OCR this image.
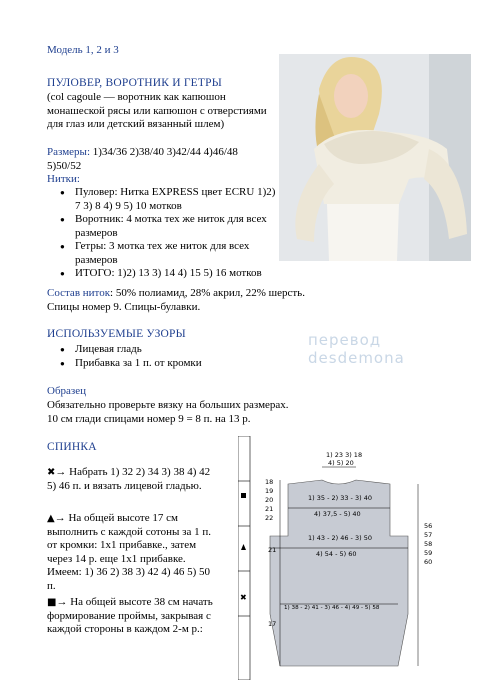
Модель 1, 2 и 3
ПУЛОВЕР, ВОРОТНИК И ГЕТРЫ
(col cagoule — воротник как капюшон монашеской рясы или капюшон с отверстиями для глаз или детский вязанный шлем)
Размеры: 1)34/36 2)38/40 3)42/44 4)46/48 5)50/52
Нитки:
● Пуловер: Нитка EXPRESS цвет ECRU 1)2) 7 3) 8 4) 9 5) 10 мотков
● Воротник: 4 мотка тех же ниток для всех размеров
● Гетры: 3 мотка тех же ниток для всех размеров
● ИТОГО: 1)2) 13 3) 14 4) 15 5) 16 мотков
Состав ниток: 50% полиамид, 28% акрил, 22% шерсть.
Спицы номер 9. Спицы-булавки.
перевод
desdemona
ИСПОЛЬЗУЕМЫЕ УЗОРЫ
● Лицевая гладь
● Прибавка за 1 п. от кромки
Образец
Обязательно проверьте вязку на больших размерах.
10 см глади спицами номер 9 = 8 п. на 13 р.
СПИНКА
✖→ Набрать 1) 32 2) 34 3) 38 4) 42 5) 46 п. и вязать лицевой гладью.
▲→ На общей высоте 17 см выполнить с каждой сотоны за 1 п. от кромки: 1х1 прибавке., затем через 14 р. еще 1х1 прибавке. Имеем: 1) 36 2) 38 3) 42 4) 46 5) 50 п.
■→ На общей высоте 38 см начать формирование проймы, закрывая с каждой стороны в каждом 2-м р.:
✖
1) 23 3) 18
4) 5) 20
1) 35 - 2) 33 - 3) 40
4) 37,5 - 5) 40
1) 43 - 2) 46 - 3) 50
4) 54 - 5) 60
1) 38 - 2) 41 - 3) 46 - 4) 49 - 5) 58
18
19
20
21
22
21
17
56
57
58
59
60
